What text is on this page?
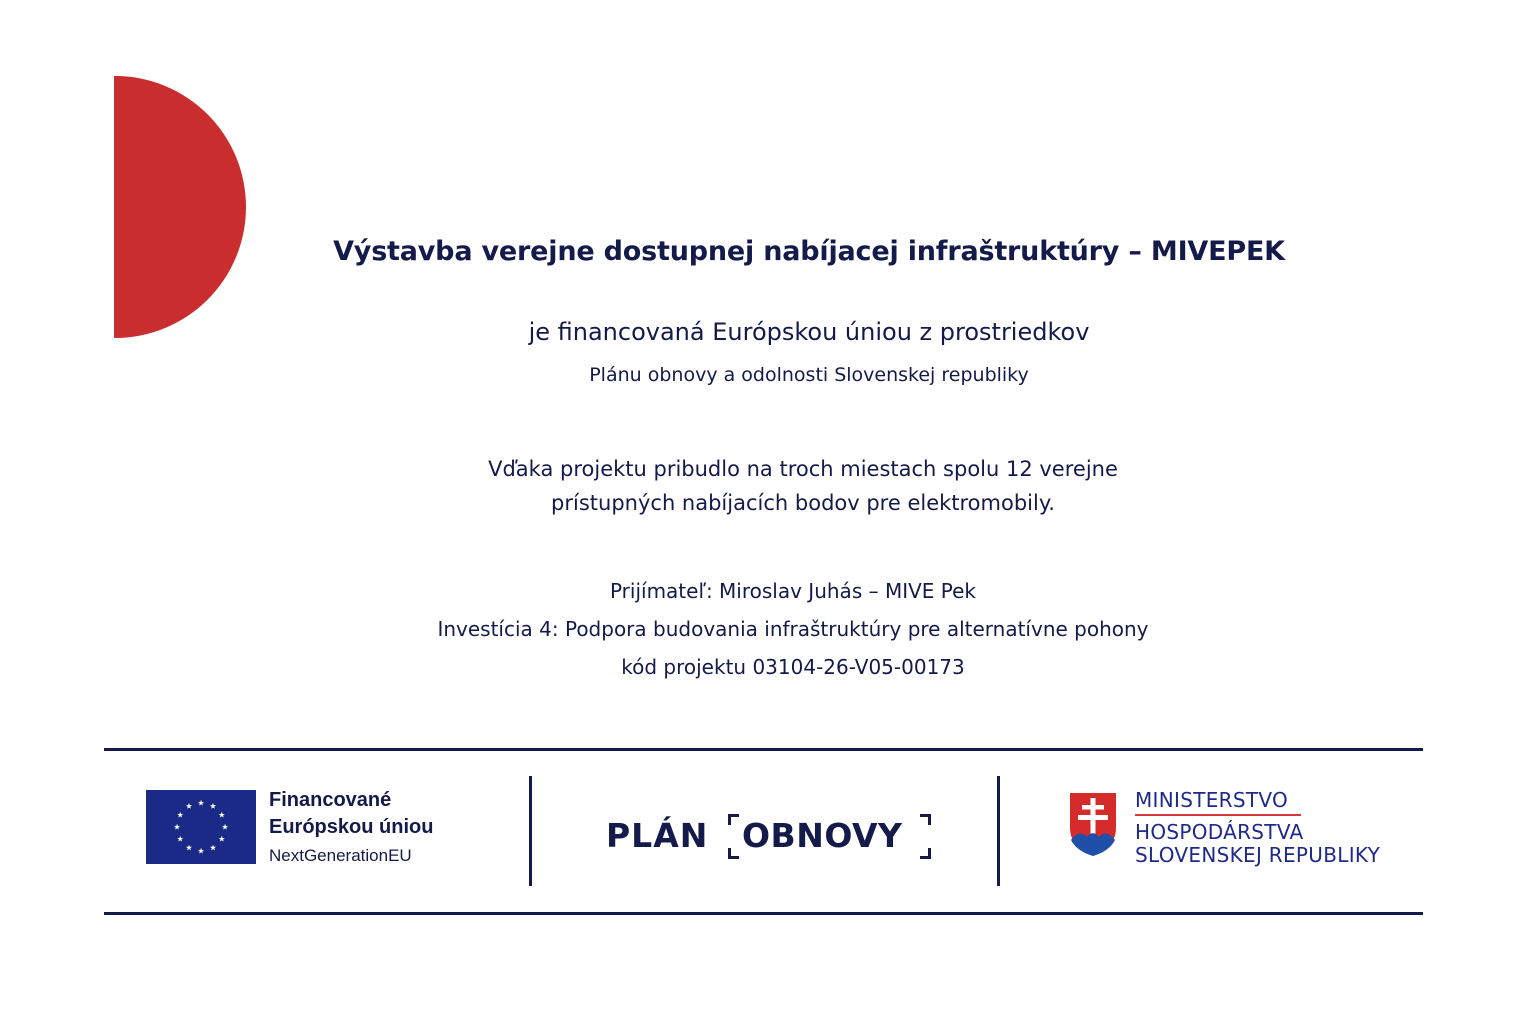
Výstavba verejne dostupnej nabíjacej infraštruktúry – MIVEPEK
je financovaná Európskou úniou z prostriedkov
Plánu obnovy a odolnosti Slovenskej republiky
Vďaka projektu pribudlo na troch miestach spolu 12 verejne
prístupných nabíjacích bodov pre elektromobily.
Prijímateľ: Miroslav Juhás – MIVE Pek
Investícia 4: Podpora budovania infraštruktúry pre alternatívne pohony
kód projektu 03104-26-V05-00173
Financované
Európskou úniou
NextGenerationEU
PLÁN OBNOVY
MINISTERSTVO
HOSPODÁRSTVA
SLOVENSKEJ REPUBLIKY
